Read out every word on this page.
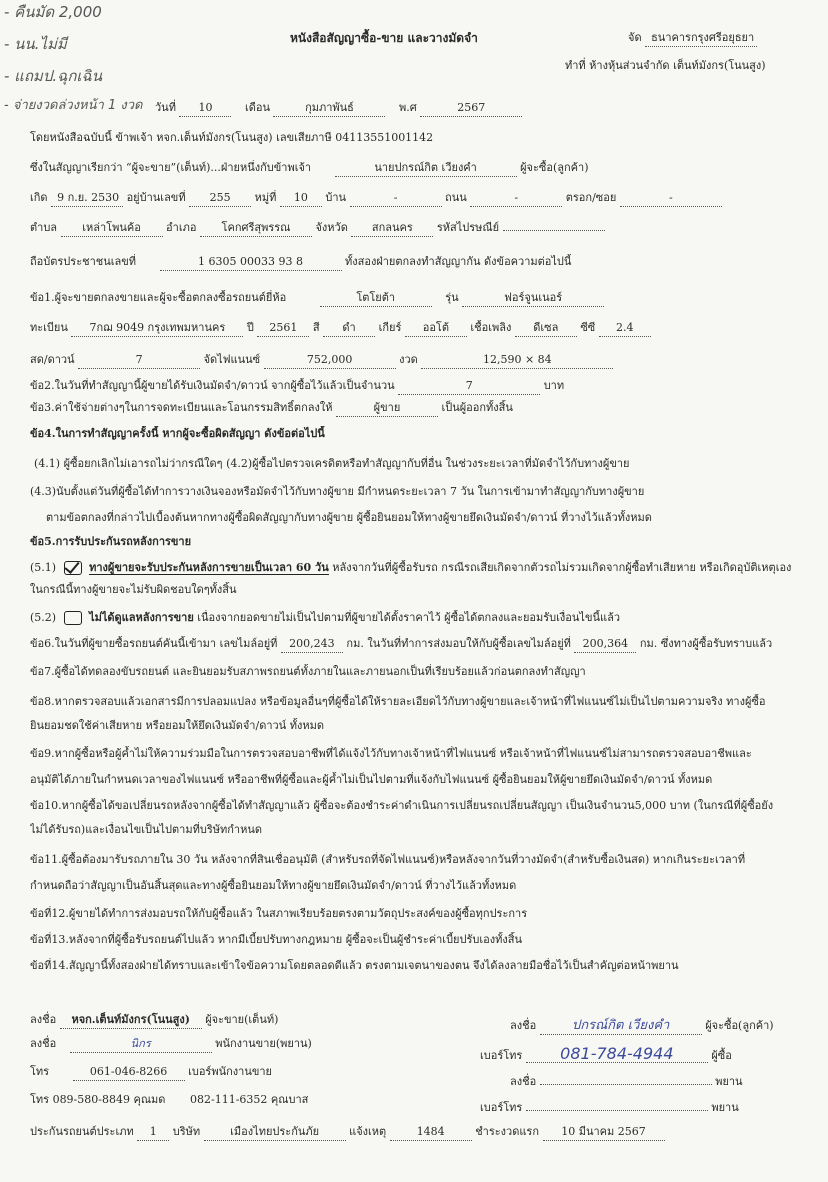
- คืนมัด 2,000
- นน.ไม่มี
- แถมป.ฉุกเฉิน
- จ่ายงวดล่วงหน้า 1 งวด
หนังสือสัญญาซื้อ-ขาย และวางมัดจำ	จัด ธนาคารกรุงศรีอยุธยา
ทำที่ ห้างหุ้นส่วนจำกัด เต็นท์มังกร(โนนสูง)
วันที่ 10	เดือน	กุมภาพันธ์	พ.ศ	2567
โดยหนังสือฉบับนี้ ข้าพเจ้า หจก.เต็นท์มังกร(โนนสูง) เลขเสียภาษี 04113551001142
ซึ่งในสัญญาเรียกว่า “ผู้จะขาย”(เต็นท์)...ฝ่ายหนึ่งกับข้าพเจ้า	นายปกรณ์กิต เวียงคำ	ผู้จะซื้อ(ลูกค้า)
เกิด 9 ก.ย. 2530 อยู่บ้านเลขที่ 255 หมู่ที่ 10 บ้าน	-	ถนน	-	ตรอก/ซอย	-
ตำบล เหล่าโพนค้อ อำเภอ โคกศรีสุพรรณ จังหวัด สกลนคร รหัสไปรษณีย์
ถือบัตรประชาชนเลขที่	1 6305 00033 93 8	ทั้งสองฝ่ายตกลงทำสัญญากัน ดังข้อความต่อไปนี้
ข้อ1.ผู้จะขายตกลงขายและผู้จะซื้อตกลงซื้อรถยนต์ยี่ห้อ	โตโยต้า	รุ่น	ฟอร์จูนเนอร์
ทะเบียน 7กฌ 9049 กรุงเทพมหานคร ปี 2561 สี ดำ เกียร์ ออโต้ เชื้อเพลิง ดีเซล ซีซี 2.4
สด/ดาวน์	7	จัดไฟแนนซ์	752,000	งวด	12,590 × 84
ข้อ2.ในวันที่ทำสัญญานี้ผู้ขายได้รับเงินมัดจำ/ดาวน์ จากผู้ซื้อไว้แล้วเป็นจำนวน	7	บาท
ข้อ3.ค่าใช้จ่ายต่างๆในการจดทะเบียนและโอนกรรมสิทธิ์ตกลงให้	ผู้ขาย	เป็นผู้ออกทั้งสิ้น
ข้อ4.ในการทำสัญญาครั้งนี้ หากผู้จะซื้อผิดสัญญา ดังข้อต่อไปนี้
(4.1) ผู้ซื้อยกเลิกไม่เอารถไม่ว่ากรณีใดๆ (4.2)ผู้ซื้อไปตรวจเครดิตหรือทำสัญญากับที่อื่น ในช่วงระยะเวลาที่มัดจำไว้กับทางผู้ขาย
(4.3)นับตั้งแต่วันที่ผู้ซื้อได้ทำการวางเงินจองหรือมัดจำไว้กับทางผู้ขาย มีกำหนดระยะเวลา 7 วัน ในการเข้ามาทำสัญญากับทางผู้ขาย
ตามข้อตกลงที่กล่าวไปเบื้องต้นหากทางผู้ซื้อผิดสัญญากับทางผู้ขาย ผู้ซื้อยินยอมให้ทางผู้ขายยึดเงินมัดจำ/ดาวน์ ที่วางไว้แล้วทั้งหมด
ข้อ5.การรับประกันรถหลังการขาย
(5.1)	ทางผู้ขายจะรับประกันหลังการขายเป็นเวลา 60 วัน หลังจากวันที่ผู้ซื้อรับรถ กรณีรถเสียเกิดจากตัวรถไม่รวมเกิดจากผู้ซื้อทำเสียหาย หรือเกิดอุบัติเหตุเอง
ในกรณีนี้ทางผู้ขายจะไม่รับผิดชอบใดๆทั้งสิ้น
(5.2)	ไม่ได้ดูแลหลังการขาย เนื่องจากยอดขายไม่เป็นไปตามที่ผู้ขายได้ตั้งราคาไว้ ผู้ซื้อได้ตกลงและยอมรับเงื่อนไขนี้แล้ว
ข้อ6.ในวันที่ผู้ขายซื้อรถยนต์คันนี้เข้ามา เลขไมล์อยู่ที่ 200,243 กม. ในวันที่ทำการส่งมอบให้กับผู้ซื้อเลขไมล์อยู่ที่ 200,364 กม. ซึ่งทางผู้ซื้อรับทราบแล้ว
ข้อ7.ผู้ซื้อได้ทดลองขับรถยนต์ และยินยอมรับสภาพรถยนต์ทั้งภายในและภายนอกเป็นที่เรียบร้อยแล้วก่อนตกลงทำสัญญา
ข้อ8.หากตรวจสอบแล้วเอกสารมีการปลอมแปลง หรือข้อมูลอื่นๆที่ผู้ซื้อได้ให้รายละเอียดไว้กับทางผู้ขายและเจ้าหน้าที่ไฟแนนซ์ไม่เป็นไปตามความจริง ทางผู้ซื้อ
ยินยอมชดใช้ค่าเสียหาย หรือยอมให้ยึดเงินมัดจำ/ดาวน์ ทั้งหมด
ข้อ9.หากผู้ซื้อหรือผู้ค้ำไม่ให้ความร่วมมือในการตรวจสอบอาชีพที่ได้แจ้งไว้กับทางเจ้าหน้าที่ไฟแนนซ์ หรือเจ้าหน้าที่ไฟแนนซ์ไม่สามารถตรวจสอบอาชีพและ
อนุมัติได้ภายในกำหนดเวลาของไฟแนนซ์ หรืออาชีพที่ผู้ซื้อและผู้ค้ำไม่เป็นไปตามที่แจ้งกับไฟแนนซ์ ผู้ซื้อยินยอมให้ผู้ขายยึดเงินมัดจำ/ดาวน์ ทั้งหมด
ข้อ10.หากผู้ซื้อได้ขอเปลี่ยนรถหลังจากผู้ซื้อได้ทำสัญญาแล้ว ผู้ซื้อจะต้องชำระค่าดำเนินการเปลี่ยนรถเปลี่ยนสัญญา เป็นเงินจำนวน5,000 บาท (ในกรณีที่ผู้ซื้อยัง
ไม่ได้รับรถ)และเงื่อนไขเป็นไปตามที่บริษัทกำหนด
ข้อ11.ผู้ซื้อต้องมารับรถภายใน 30 วัน หลังจากที่สินเชื่ออนุมัติ (สำหรับรถที่จัดไฟแนนซ์)หรือหลังจากวันที่วางมัดจำ(สำหรับซื้อเงินสด) หากเกินระยะเวลาที่
กำหนดถือว่าสัญญาเป็นอันสิ้นสุดและทางผู้ซื้อยินยอมให้ทางผู้ขายยึดเงินมัดจำ/ดาวน์ ที่วางไว้แล้วทั้งหมด
ข้อที่12.ผู้ขายได้ทำการส่งมอบรถให้กับผู้ซื้อแล้ว ในสภาพเรียบร้อยตรงตามวัตถุประสงค์ของผู้ซื้อทุกประการ
ข้อที่13.หลังจากที่ผู้ซื้อรับรถยนต์ไปแล้ว หากมีเบี้ยปรับทางกฎหมาย ผู้ซื้อจะเป็นผู้ชำระค่าเบี้ยปรับเองทั้งสิ้น
ข้อที่14.สัญญานี้ทั้งสองฝ่ายได้ทราบและเข้าใจข้อความโดยตลอดดีแล้ว ตรงตามเจตนาของตน จึงได้ลงลายมือชื่อไว้เป็นสำคัญต่อหน้าพยาน
ลงชื่อ หจก.เต็นท์มังกร(โนนสูง) ผู้จะขาย(เต็นท์)
ลงชื่อ	นิกร	พนักงานขาย(พยาน)
โทร	061-046-8266 เบอร์พนักงานขาย
โทร 089-580-8849 คุณมด 082-111-6352 คุณบาส
ลงชื่อ	ปกรณ์กิต เวียงคำ	ผู้จะซื้อ(ลูกค้า)
เบอร์โทร 081-784-4944	ผู้ซื้อ
ลงชื่อ	พยาน
เบอร์โทร	พยาน
ประกันรถยนต์ประเภท 1 บริษัท	เมืองไทยประกันภัย	แจ้งเหตุ	1484	ชำระงวดแรก 10 มีนาคม 2567
